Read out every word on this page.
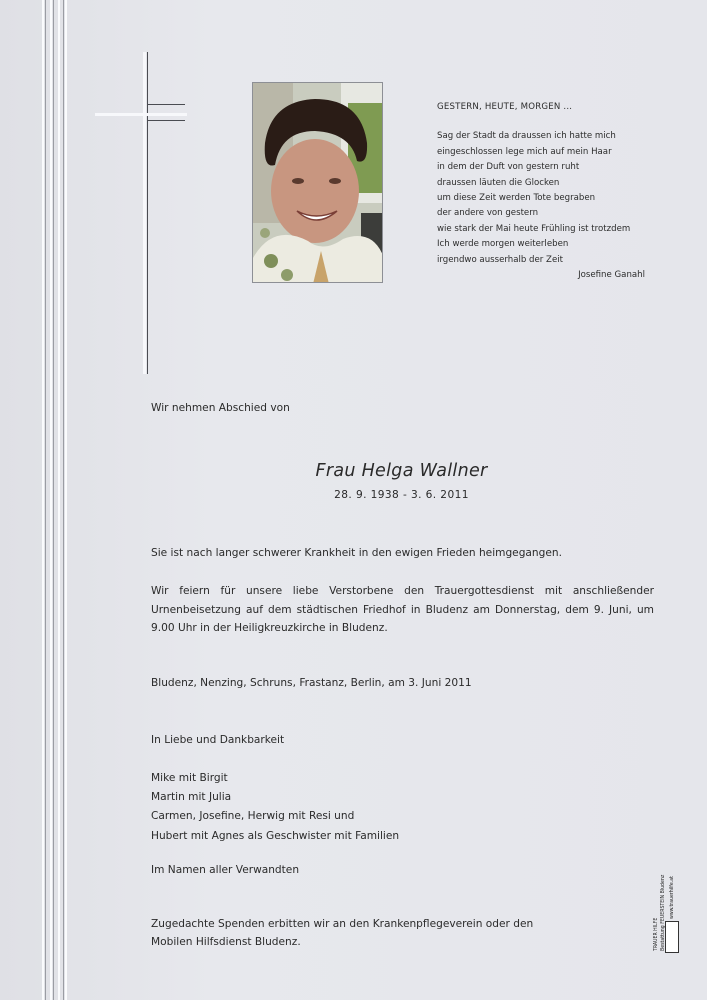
GESTERN, HEUTE, MORGEN ...
Sag der Stadt da draussen ich hatte mich
eingeschlossen lege mich auf mein Haar
in dem der Duft von gestern ruht
draussen läuten die Glocken
um diese Zeit werden Tote begraben
der andere von gestern
wie stark der Mai heute Frühling ist trotzdem
Ich werde morgen weiterleben
irgendwo ausserhalb der Zeit
Josefine Ganahl
Wir nehmen Abschied von
Frau Helga Wallner
28. 9. 1938 - 3. 6. 2011
Sie ist nach langer schwerer Krankheit in den ewigen Frieden heimgegangen.
Wir feiern für unsere liebe Verstorbene den Trauergottesdienst mit anschließender Urnenbeisetzung auf dem städtischen Friedhof in Bludenz am Donnerstag, dem 9. Juni, um 9.00 Uhr in der Heiligkreuzkirche in Bludenz.
Bludenz, Nenzing, Schruns, Frastanz, Berlin, am 3. Juni 2011
In Liebe und Dankbarkeit
Mike mit Birgit
Martin mit Julia
Carmen, Josefine, Herwig mit Resi und
Hubert mit Agnes als Geschwister mit Familien
Im Namen aller Verwandten
Zugedachte Spenden erbitten wir an den Krankenpflegeverein oder den
Mobilen Hilfsdienst Bludenz.	TRAUER HILFE Bestattung FEUERSTEIN Bludenz www.trauerhilfe.at
